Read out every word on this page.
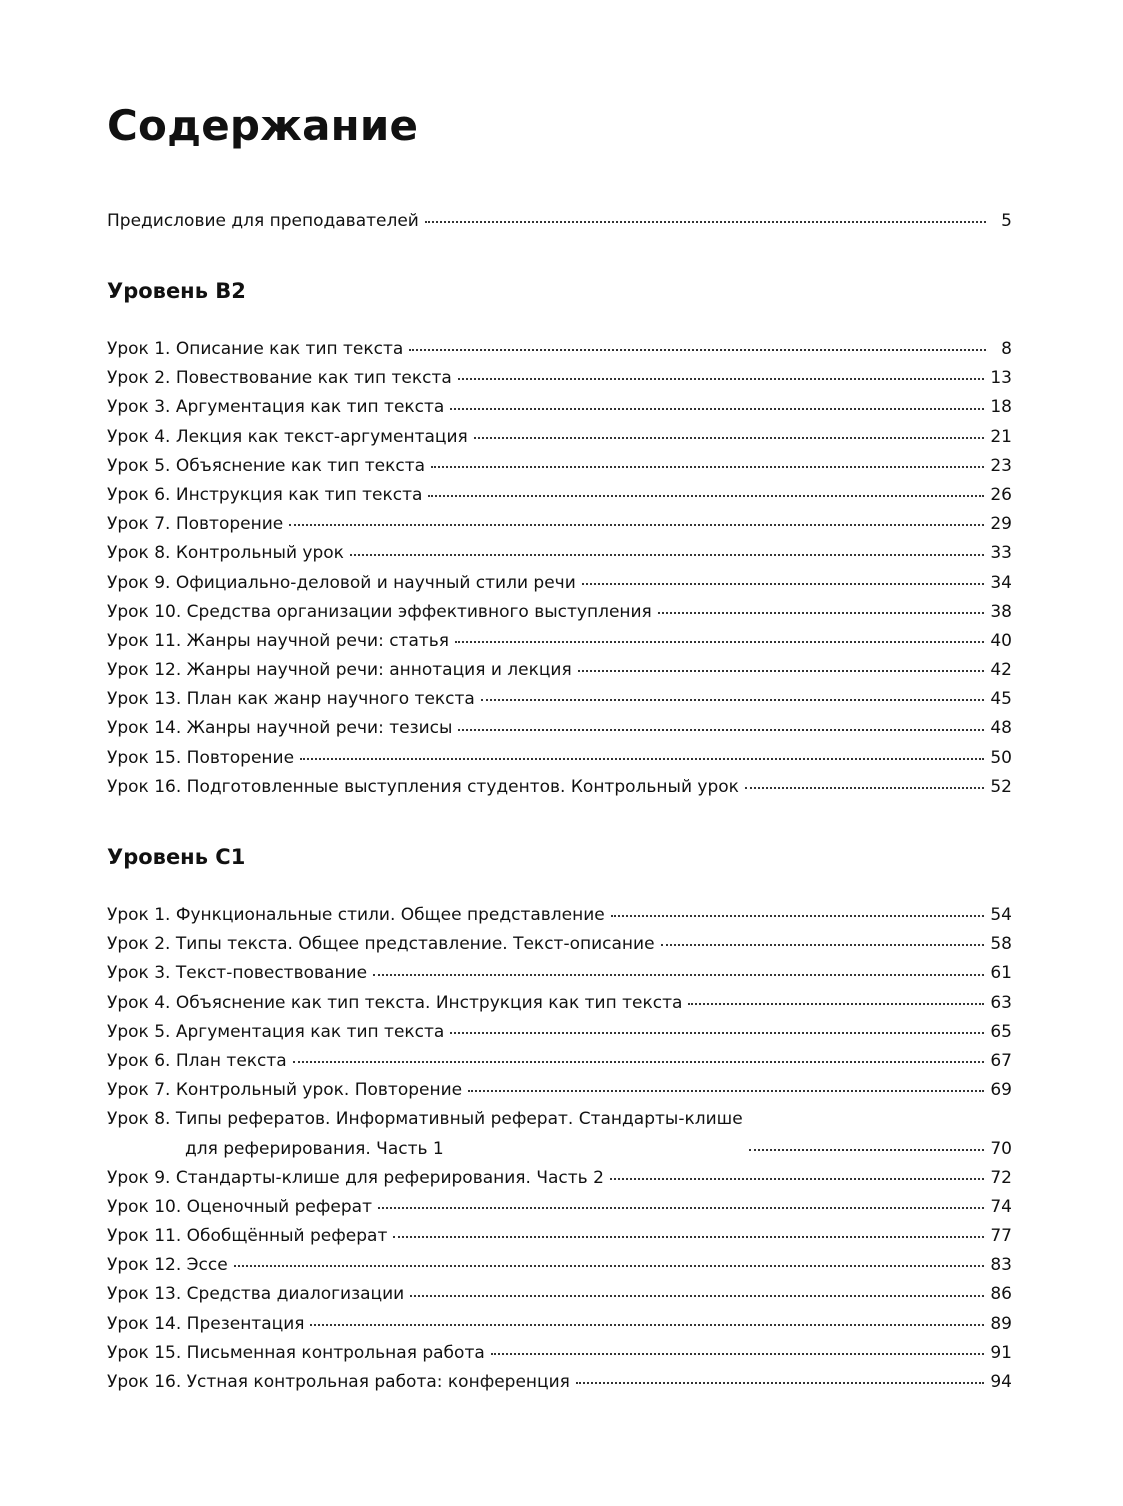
Содержание
Предисловие для преподавателей	5
Уровень В2
Урок 1. Описание как тип текста	8
Урок 2. Повествование как тип текста	13
Урок 3. Аргументация как тип текста	18
Урок 4. Лекция как текст-аргументация	21
Урок 5. Объяснение как тип текста	23
Урок 6. Инструкция как тип текста	26
Урок 7. Повторение	29
Урок 8. Контрольный урок	33
Урок 9. Официально-деловой и научный стили речи	34
Урок 10. Средства организации эффективного выступления	38
Урок 11. Жанры научной речи: статья	40
Урок 12. Жанры научной речи: аннотация и лекция	42
Урок 13. План как жанр научного текста	45
Урок 14. Жанры научной речи: тезисы	48
Урок 15. Повторение	50
Урок 16. Подготовленные выступления студентов. Контрольный урок	52
Уровень С1
Урок 1. Функциональные стили. Общее представление	54
Урок 2. Типы текста. Общее представление. Текст-описание	58
Урок 3. Текст-повествование	61
Урок 4. Объяснение как тип текста. Инструкция как тип текста	63
Урок 5. Аргументация как тип текста	65
Урок 6. План текста	67
Урок 7. Контрольный урок. Повторение	69
Урок 8. Типы рефератов. Информативный реферат. Стандарты-клише
для реферирования. Часть 1	70
Урок 9. Стандарты-клише для реферирования. Часть 2	72
Урок 10. Оценочный реферат	74
Урок 11. Обобщённый реферат	77
Урок 12. Эссе	83
Урок 13. Средства диалогизации	86
Урок 14. Презентация	89
Урок 15. Письменная контрольная работа	91
Урок 16. Устная контрольная работа: конференция	94
